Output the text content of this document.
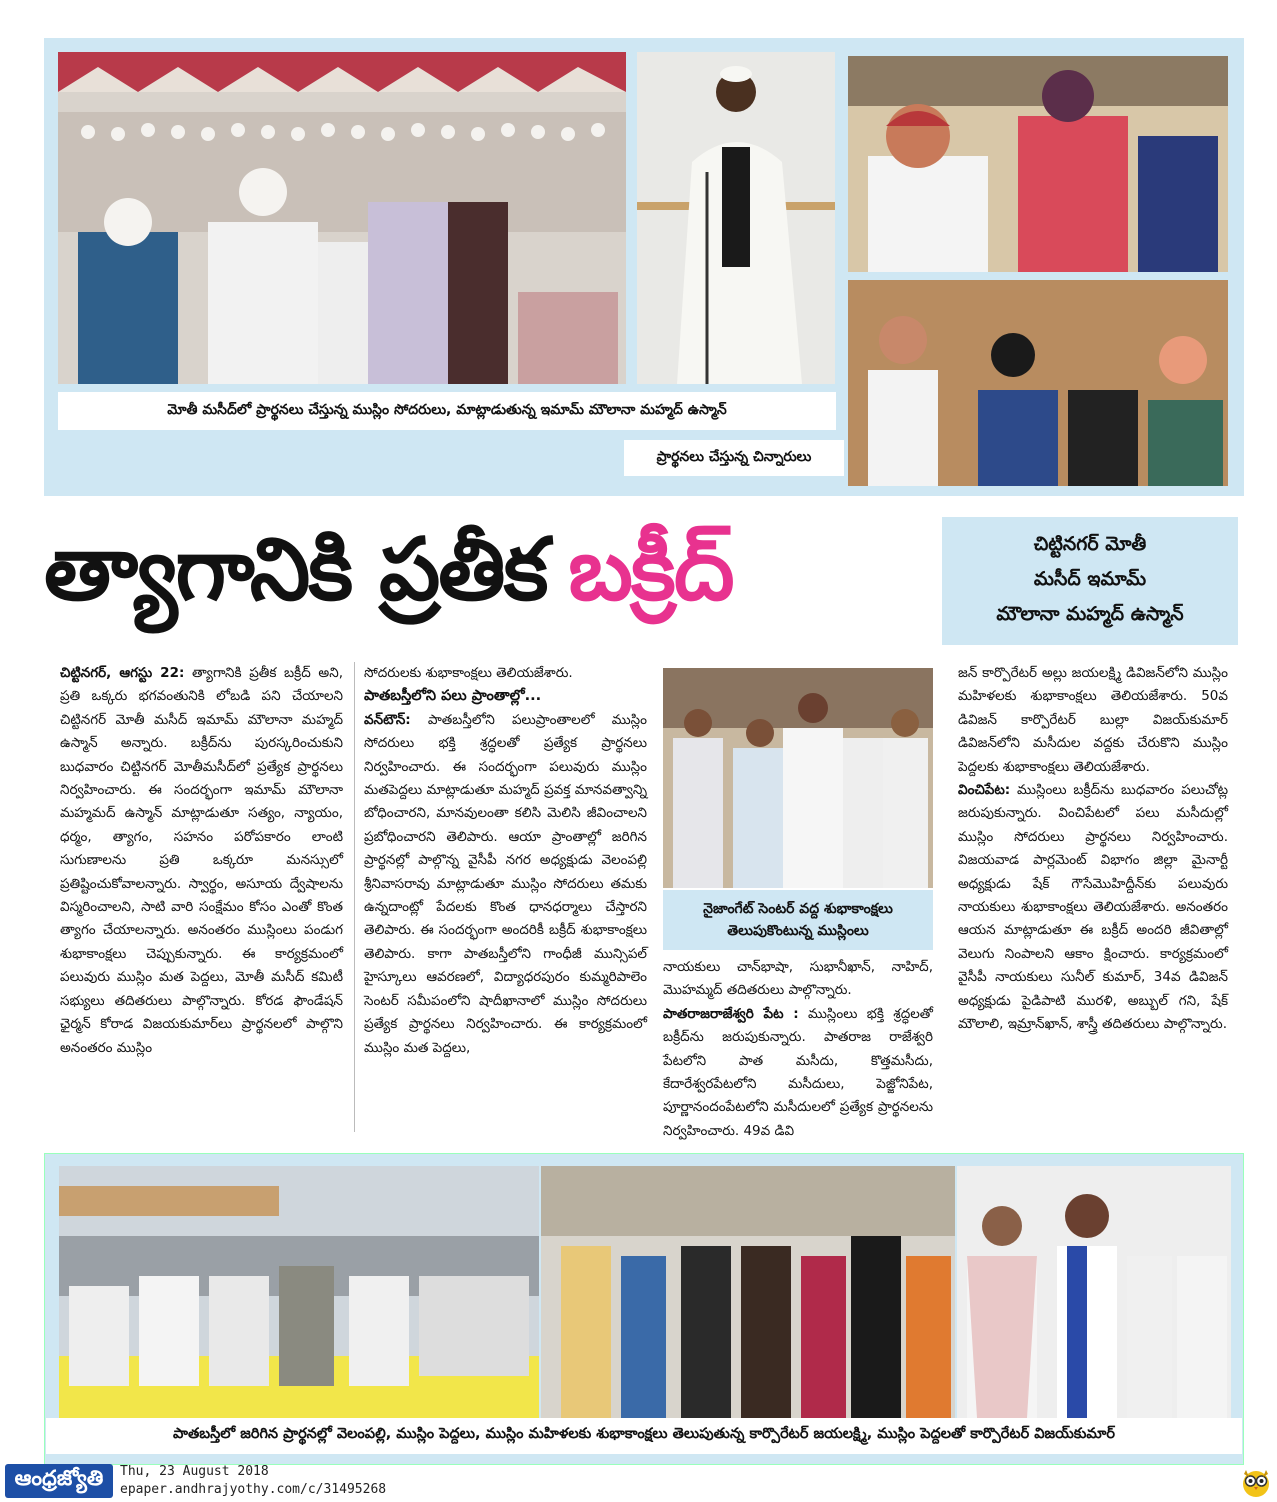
మోతీ మసీద్‌లో ప్రార్థనలు చేస్తున్న ముస్లిం సోదరులు, మాట్లాడుతున్న ఇమామ్ మౌలానా మహ్మద్ ఉస్మాన్
ప్రార్థనలు చేస్తున్న చిన్నారులు
త్యాగానికి ప్రతీక బక్రీద్	చిట్టినగర్ మోతీ
మసీద్ ఇమామ్
మౌలానా మహ్మద్ ఉస్మాన్

చిట్టినగర్, ఆగస్టు 22: త్యాగానికి ప్రతీక బక్రీద్ అని, ప్రతి ఒక్కరు భగవంతునికి లోబడి పని చేయాలని చిట్టినగర్ మోతీ మసీద్ ఇమామ్ మౌలానా మహ్మద్ ఉస్మాన్ అన్నారు. బక్రీద్‌ను పురస్కరించుకుని బుధవారం చిట్టినగర్ మోతీమసీద్‌లో ప్రత్యేక ప్రార్థనలు నిర్వహించారు. ఈ సందర్భంగా ఇమామ్ మౌలానా మహ్మమద్ ఉస్మాన్ మాట్లాడుతూ సత్యం, న్యాయం, ధర్మం, త్యాగం, సహనం పరోపకారం లాంటి సుగుణాలను ప్రతి ఒక్కరూ మనస్సులో ప్రతిష్టించుకోవాలన్నారు. స్వార్థం, అసూయ ద్వేషాలను విస్మరించాలని, సాటి వారి సంక్షేమం కోసం ఎంతో కొంత త్యాగం చేయాలన్నారు. అనంతరం ముస్లింలు పండుగ శుభాకాంక్షలు చెప్పుకున్నారు. ఈ కార్యక్రమంలో పలువురు ముస్లిం మత పెద్దలు, మోతీ మసీద్ కమిటీ సభ్యులు తదితరులు పాల్గొన్నారు. కోరడ ఫౌండేషన్ ఛైర్మన్ కోరాడ విజయకుమార్‌లు ప్రార్థనలలో పాల్గొని అనంతరం ముస్లిం

సోదరులకు శుభాకాంక్షలు తెలియజేశారు.

పాతబస్తీలోని పలు ప్రాంతాల్లో...

వన్‌టౌన్: పాతబస్తీలోని పలుప్రాంతాలలో ముస్లిం సోదరులు భక్తి శ్రద్ధలతో ప్రత్యేక ప్రార్థనలు నిర్వహించారు. ఈ సందర్భంగా పలువురు ముస్లిం మతపెద్దలు మాట్లాడుతూ మహ్మద్ ప్రవక్త మానవత్వాన్ని బోధించారని, మానవులంతా కలిసి మెలిసి జీవించాలని ప్రబోధించారని తెలిపారు. ఆయా ప్రాంతాల్లో జరిగిన ప్రార్థనల్లో పాల్గొన్న వైసీపీ నగర అధ్యక్షుడు వెలంపల్లి శ్రీనివాసరావు మాట్లాడుతూ ముస్లిం సోదరులు తమకు ఉన్నదాంట్లో పేదలకు కొంత ధానధర్మాలు చేస్తారని తెలిపారు. ఈ సందర్భంగా అందరికీ బక్రీద్ శుభాకాంక్షలు తెలిపారు. కాగా పాతబస్తీలోని గాంధీజీ మున్సిపల్ హైస్కూలు ఆవరణలో, విద్యాధరపురం కుమ్మరిపాలెం సెంటర్ సమీపంలోని షాదీఖానాలో ముస్లిం సోదరులు ప్రత్యేక ప్రార్థనలు నిర్వహించారు. ఈ కార్యక్రమంలో ముస్లిం మత పెద్దలు,

నైజాంగేట్ సెంటర్ వద్ద శుభాకాంక్షలు
తెలుపుకొంటున్న ముస్లింలు

నాయకులు చాన్‌భాషా, సుభానీఖాన్, నాహిద్, మొహమ్మద్ తదితరులు పాల్గొన్నారు.

పాతరాజరాజేశ్వరి పేట : ముస్లింలు భక్తి శ్రద్ధలతో బక్రీద్‌ను జరుపుకున్నారు. పాతరాజ రాజేశ్వరి పేటలోని పాత మసీదు, కొత్తమసీదు, కేదారేశ్వరపేటలోని మసీదులు, పెజ్జోనిపేట, పూర్ణానందంపేటలోని మసీదులలో ప్రత్యేక ప్రార్థనలను నిర్వహించారు. 49వ డివి

జన్ కార్పొరేటర్ అల్లు జయలక్ష్మి డివిజన్‌లోని ముస్లిం మహిళలకు శుభాకాంక్షలు తెలియజేశారు. 50వ డివిజన్ కార్పొరేటర్ బుల్లా విజయ్‌కుమార్ డివిజన్‌లోని మసీదుల వద్దకు చేరుకొని ముస్లిం పెద్దలకు శుభాకాంక్షలు తెలియజేశారు.

వించిపేట: ముస్లింలు బక్రీద్‌ను బుధవారం పలుచోట్ల జరుపుకున్నారు. వించిపేటలో పలు మసీదుల్లో ముస్లిం సోదరులు ప్రార్థనలు నిర్వహించారు. విజయవాడ పార్లమెంట్ విభాగం జిల్లా మైనార్టీ అధ్యక్షుడు షేక్ గౌసేమొహిద్దీన్‌కు పలువురు నాయకులు శుభాకాంక్షలు తెలియజేశారు. అనంతరం ఆయన మాట్లాడుతూ ఈ బక్రీద్ అందరి జీవితాల్లో వెలుగు నింపాలని ఆకాం క్షించారు. కార్యక్రమంలో వైసీపీ నాయకులు సునీల్ కుమార్, 34వ డివిజన్ అధ్యక్షుడు పైడిపాటి మురళి, అబ్బుల్ గని, షేక్ మౌలాలి, ఇమ్రాన్‌ఖాన్, శాస్త్రీ తదితరులు పాల్గొన్నారు.

పాతబస్తీలో జరిగిన ప్రార్థనల్లో వెలంపల్లి, ముస్లిం పెద్దలు, ముస్లిం మహిళలకు శుభాకాంక్షలు తెలుపుతున్న కార్పొరేటర్ జయలక్ష్మి, ముస్లిం పెద్దలతో కార్పొరేటర్ విజయ్‌కుమార్
ఆంధ్రజ్యోతి	Thu, 23 August 2018
epaper.andhrajyothy.com/c/31495268
